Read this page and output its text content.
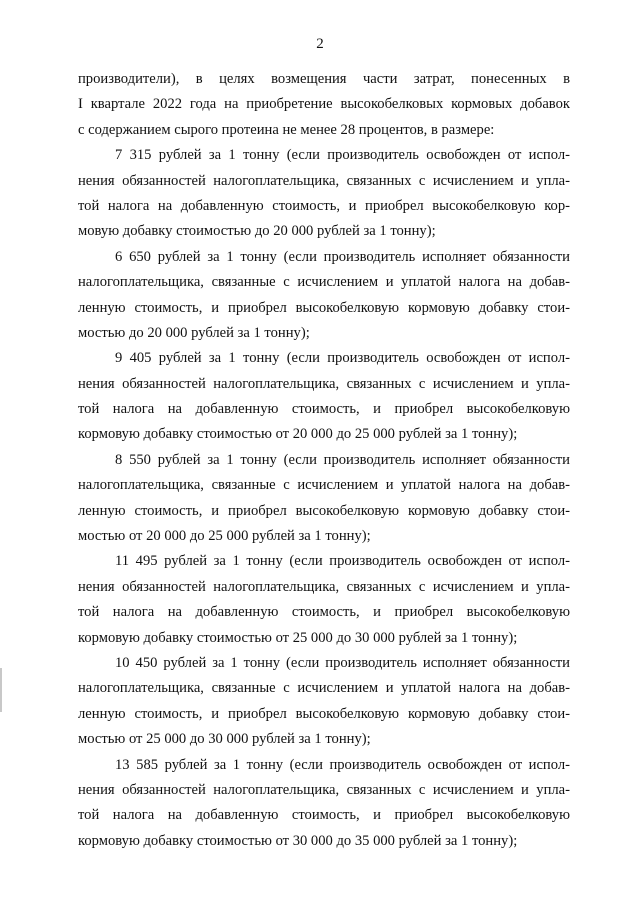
2
производители), в целях возмещения части затрат, понесенных в
I квартале 2022 года на приобретение высокобелковых кормовых добавок
с содержанием сырого протеина не менее 28 процентов, в размере:
7 315 рублей за 1 тонну (если производитель освобожден от испол-
нения обязанностей налогоплательщика, связанных с исчислением и упла-
той налога на добавленную стоимость, и приобрел высокобелковую кор-
мовую добавку стоимостью до 20 000 рублей за 1 тонну);
6 650 рублей за 1 тонну (если производитель исполняет обязанности
налогоплательщика, связанные с исчислением и уплатой налога на добав-
ленную стоимость, и приобрел высокобелковую кормовую добавку стои-
мостью до 20 000 рублей за 1 тонну);
9 405 рублей за 1 тонну (если производитель освобожден от испол-
нения обязанностей налогоплательщика, связанных с исчислением и упла-
той налога на добавленную стоимость, и приобрел высокобелковую
кормовую добавку стоимостью от 20 000 до 25 000 рублей за 1 тонну);
8 550 рублей за 1 тонну (если производитель исполняет обязанности
налогоплательщика, связанные с исчислением и уплатой налога на добав-
ленную стоимость, и приобрел высокобелковую кормовую добавку стои-
мостью от 20 000 до 25 000 рублей за 1 тонну);
11 495 рублей за 1 тонну (если производитель освобожден от испол-
нения обязанностей налогоплательщика, связанных с исчислением и упла-
той налога на добавленную стоимость, и приобрел высокобелковую
кормовую добавку стоимостью от 25 000 до 30 000 рублей за 1 тонну);
10 450 рублей за 1 тонну (если производитель исполняет обязанности
налогоплательщика, связанные с исчислением и уплатой налога на добав-
ленную стоимость, и приобрел высокобелковую кормовую добавку стои-
мостью от 25 000 до 30 000 рублей за 1 тонну);
13 585 рублей за 1 тонну (если производитель освобожден от испол-
нения обязанностей налогоплательщика, связанных с исчислением и упла-
той налога на добавленную стоимость, и приобрел высокобелковую
кормовую добавку стоимостью от 30 000 до 35 000 рублей за 1 тонну);
